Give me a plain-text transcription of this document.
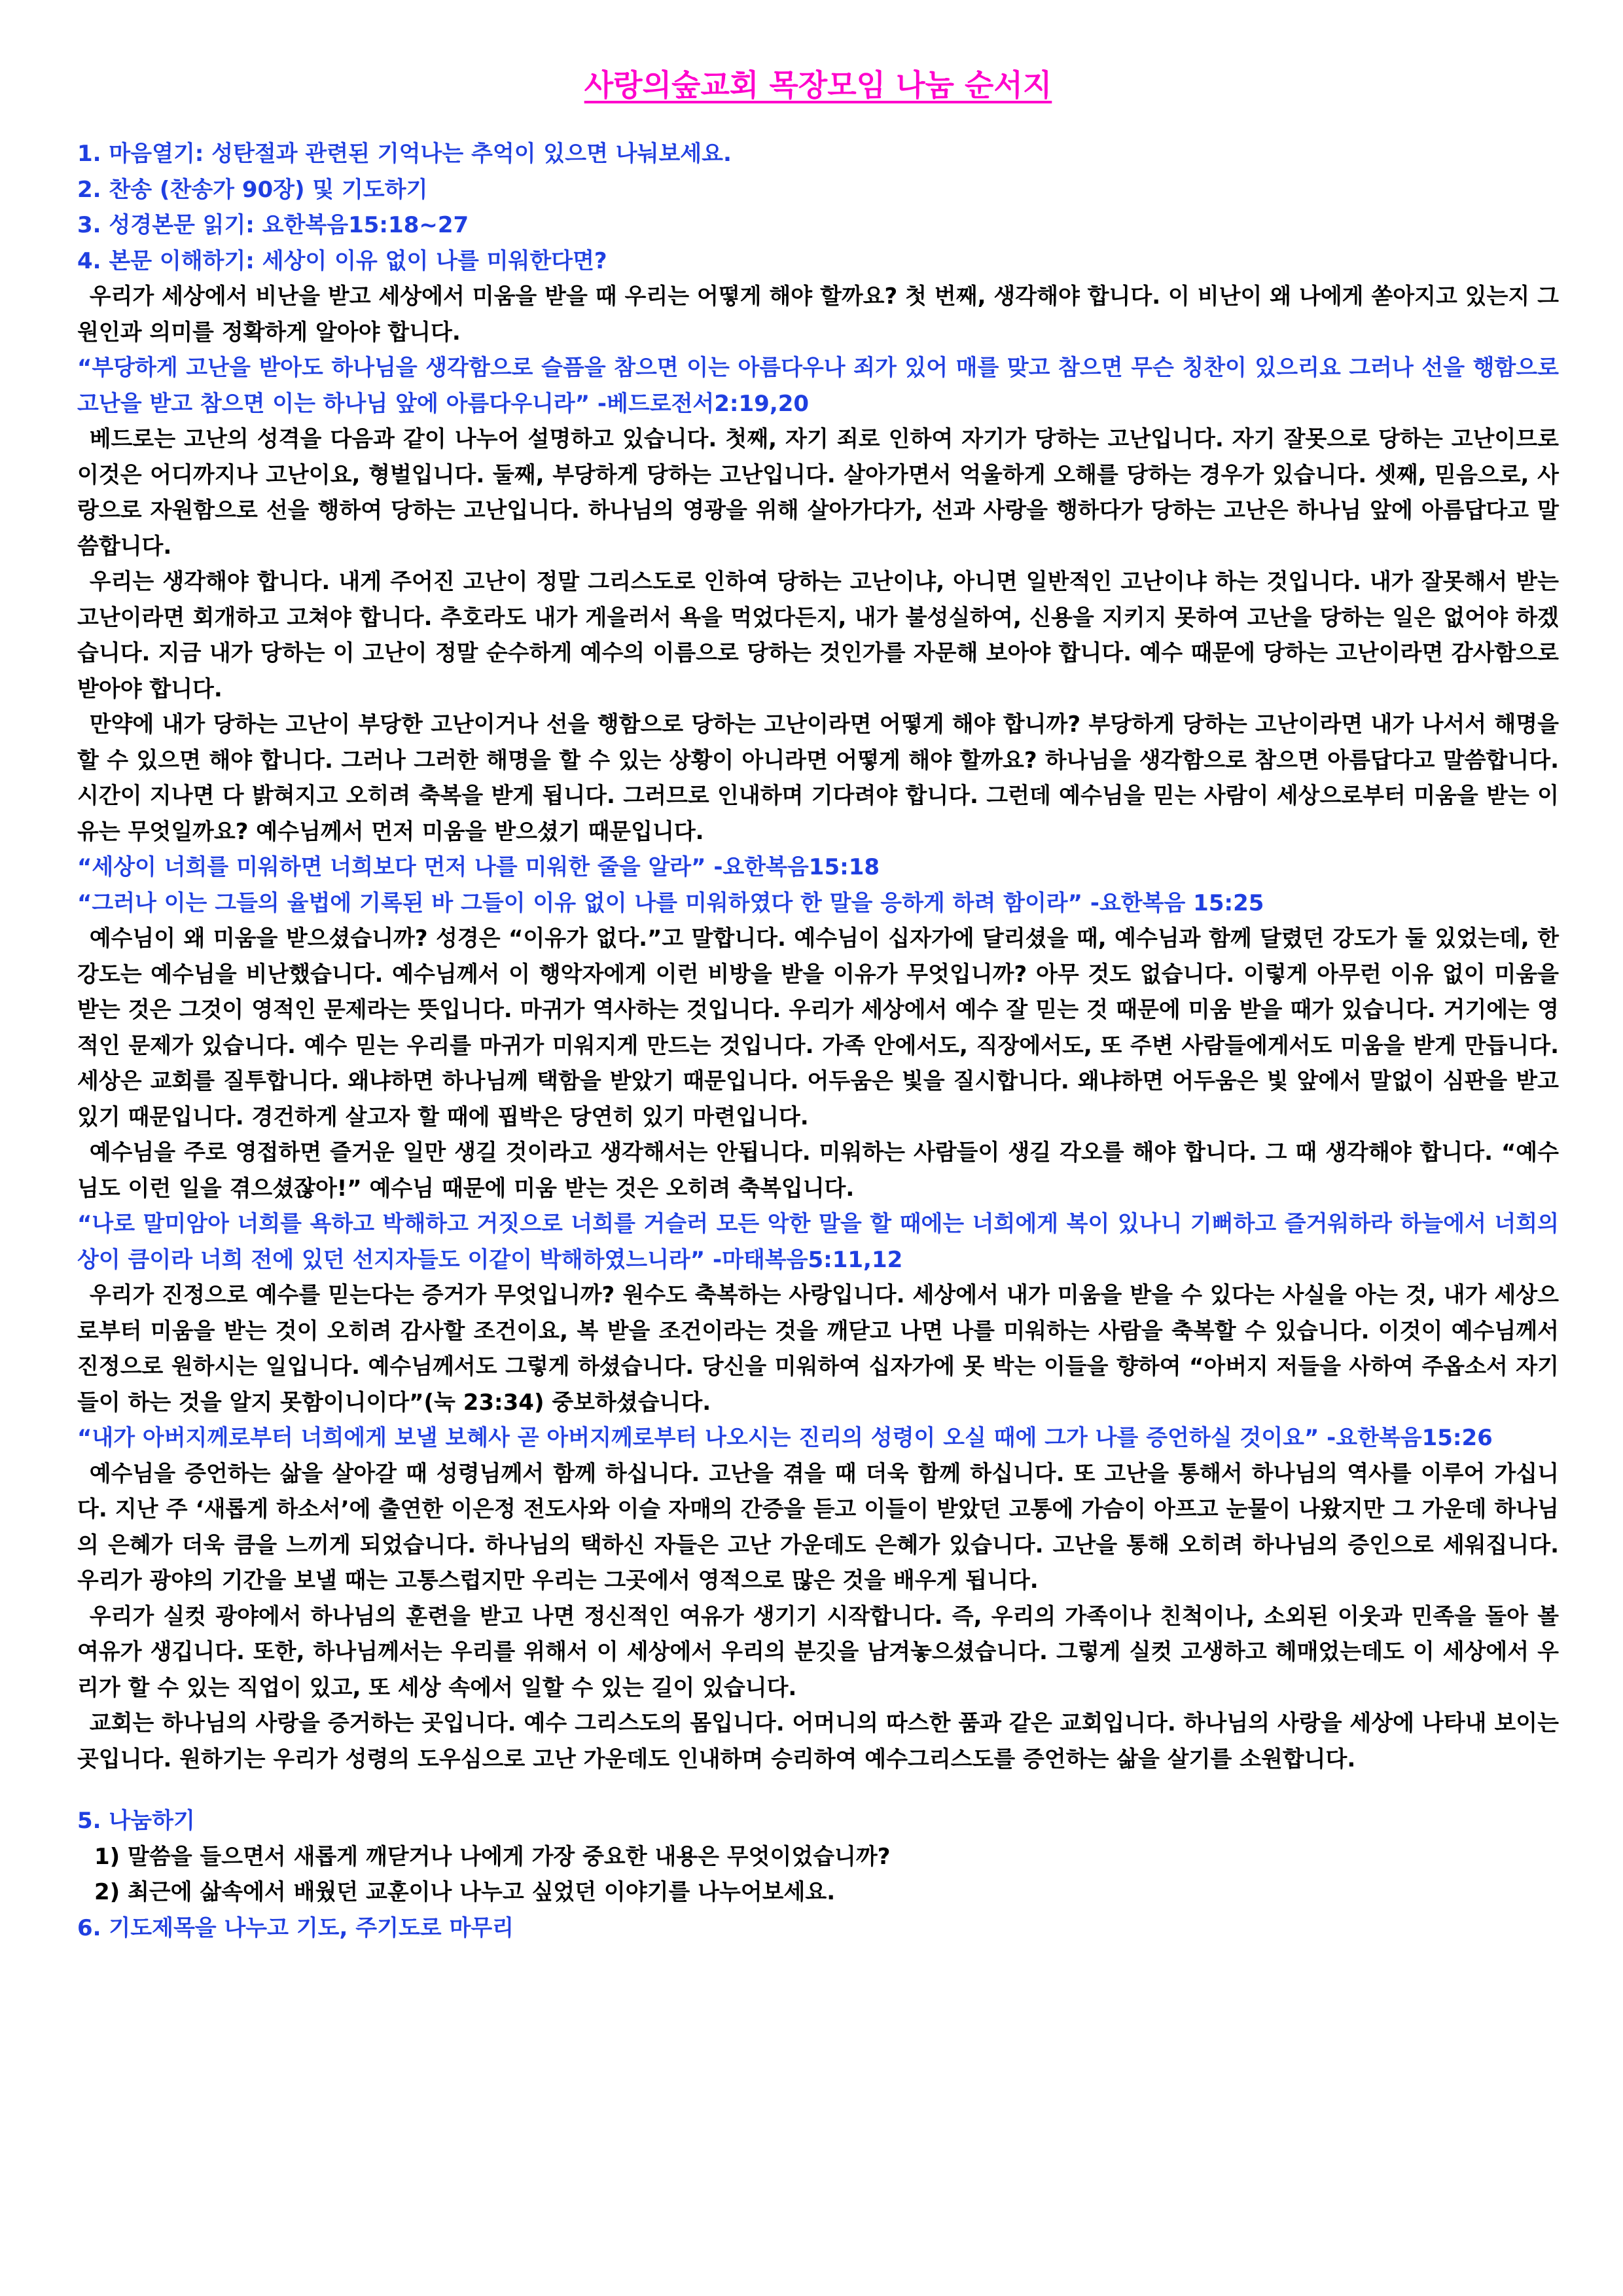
사랑의숲교회 목장모임 나눔 순서지
1. 마음열기: 성탄절과 관련된 기억나는 추억이 있으면 나눠보세요.
2. 찬송 (찬송가 90장) 및 기도하기
3. 성경본문 읽기: 요한복음15:18~27
4. 본문 이해하기: 세상이 이유 없이 나를 미워한다면?
우리가 세상에서 비난을 받고 세상에서 미움을 받을 때 우리는 어떻게 해야 할까요? 첫 번째, 생각해야 합니다. 이 비난이 왜 나에게 쏟아지고 있는지 그 원인과 의미를 정확하게 알아야 합니다.
“부당하게 고난을 받아도 하나님을 생각함으로 슬픔을 참으면 이는 아름다우나 죄가 있어 매를 맞고 참으면 무슨 칭찬이 있으리요 그러나 선을 행함으로 고난을 받고 참으면 이는 하나님 앞에 아름다우니라” -베드로전서2:19,20
베드로는 고난의 성격을 다음과 같이 나누어 설명하고 있습니다. 첫째, 자기 죄로 인하여 자기가 당하는 고난입니다. 자기 잘못으로 당하는 고난이므로 이것은 어디까지나 고난이요, 형벌입니다. 둘째, 부당하게 당하는 고난입니다. 살아가면서 억울하게 오해를 당하는 경우가 있습니다. 셋째, 믿음으로, 사랑으로 자원함으로 선을 행하여 당하는 고난입니다. 하나님의 영광을 위해 살아가다가, 선과 사랑을 행하다가 당하는 고난은 하나님 앞에 아름답다고 말씀합니다.
우리는 생각해야 합니다. 내게 주어진 고난이 정말 그리스도로 인하여 당하는 고난이냐, 아니면 일반적인 고난이냐 하는 것입니다. 내가 잘못해서 받는 고난이라면 회개하고 고쳐야 합니다. 추호라도 내가 게을러서 욕을 먹었다든지, 내가 불성실하여, 신용을 지키지 못하여 고난을 당하는 일은 없어야 하겠습니다. 지금 내가 당하는 이 고난이 정말 순수하게 예수의 이름으로 당하는 것인가를 자문해 보아야 합니다. 예수 때문에 당하는 고난이라면 감사함으로 받아야 합니다.
만약에 내가 당하는 고난이 부당한 고난이거나 선을 행함으로 당하는 고난이라면 어떻게 해야 합니까? 부당하게 당하는 고난이라면 내가 나서서 해명을 할 수 있으면 해야 합니다. 그러나 그러한 해명을 할 수 있는 상황이 아니라면 어떻게 해야 할까요? 하나님을 생각함으로 참으면 아름답다고 말씀합니다. 시간이 지나면 다 밝혀지고 오히려 축복을 받게 됩니다. 그러므로 인내하며 기다려야 합니다. 그런데 예수님을 믿는 사람이 세상으로부터 미움을 받는 이유는 무엇일까요? 예수님께서 먼저 미움을 받으셨기 때문입니다.
“세상이 너희를 미워하면 너희보다 먼저 나를 미워한 줄을 알라” -요한복음15:18
“그러나 이는 그들의 율법에 기록된 바 그들이 이유 없이 나를 미워하였다 한 말을 응하게 하려 함이라” -요한복음 15:25
예수님이 왜 미움을 받으셨습니까? 성경은 “이유가 없다.”고 말합니다. 예수님이 십자가에 달리셨을 때, 예수님과 함께 달렸던 강도가 둘 있었는데, 한 강도는 예수님을 비난했습니다. 예수님께서 이 행악자에게 이런 비방을 받을 이유가 무엇입니까? 아무 것도 없습니다. 이렇게 아무런 이유 없이 미움을 받는 것은 그것이 영적인 문제라는 뜻입니다. 마귀가 역사하는 것입니다. 우리가 세상에서 예수 잘 믿는 것 때문에 미움 받을 때가 있습니다. 거기에는 영적인 문제가 있습니다. 예수 믿는 우리를 마귀가 미워지게 만드는 것입니다. 가족 안에서도, 직장에서도, 또 주변 사람들에게서도 미움을 받게 만듭니다. 세상은 교회를 질투합니다. 왜냐하면 하나님께 택함을 받았기 때문입니다. 어두움은 빛을 질시합니다. 왜냐하면 어두움은 빛 앞에서 말없이 심판을 받고 있기 때문입니다. 경건하게 살고자 할 때에 핍박은 당연히 있기 마련입니다.
예수님을 주로 영접하면 즐거운 일만 생길 것이라고 생각해서는 안됩니다. 미워하는 사람들이 생길 각오를 해야 합니다. 그 때 생각해야 합니다. “예수님도 이런 일을 겪으셨잖아!” 예수님 때문에 미움 받는 것은 오히려 축복입니다.
“나로 말미암아 너희를 욕하고 박해하고 거짓으로 너희를 거슬러 모든 악한 말을 할 때에는 너희에게 복이 있나니 기뻐하고 즐거워하라 하늘에서 너희의 상이 큼이라 너희 전에 있던 선지자들도 이같이 박해하였느니라” -마태복음5:11,12
우리가 진정으로 예수를 믿는다는 증거가 무엇입니까? 원수도 축복하는 사랑입니다. 세상에서 내가 미움을 받을 수 있다는 사실을 아는 것, 내가 세상으로부터 미움을 받는 것이 오히려 감사할 조건이요, 복 받을 조건이라는 것을 깨닫고 나면 나를 미워하는 사람을 축복할 수 있습니다. 이것이 예수님께서 진정으로 원하시는 일입니다. 예수님께서도 그렇게 하셨습니다. 당신을 미워하여 십자가에 못 박는 이들을 향하여 “아버지 저들을 사하여 주옵소서 자기들이 하는 것을 알지 못함이니이다”(눅 23:34) 중보하셨습니다.
“내가 아버지께로부터 너희에게 보낼 보혜사 곧 아버지께로부터 나오시는 진리의 성령이 오실 때에 그가 나를 증언하실 것이요” -요한복음15:26
예수님을 증언하는 삶을 살아갈 때 성령님께서 함께 하십니다. 고난을 겪을 때 더욱 함께 하십니다. 또 고난을 통해서 하나님의 역사를 이루어 가십니다. 지난 주 ‘새롭게 하소서’에 출연한 이은정 전도사와 이슬 자매의 간증을 듣고 이들이 받았던 고통에 가슴이 아프고 눈물이 나왔지만 그 가운데 하나님의 은혜가 더욱 큼을 느끼게 되었습니다. 하나님의 택하신 자들은 고난 가운데도 은혜가 있습니다. 고난을 통해 오히려 하나님의 증인으로 세워집니다. 우리가 광야의 기간을 보낼 때는 고통스럽지만 우리는 그곳에서 영적으로 많은 것을 배우게 됩니다.
우리가 실컷 광야에서 하나님의 훈련을 받고 나면 정신적인 여유가 생기기 시작합니다. 즉, 우리의 가족이나 친척이나, 소외된 이웃과 민족을 돌아 볼 여유가 생깁니다. 또한, 하나님께서는 우리를 위해서 이 세상에서 우리의 분깃을 남겨놓으셨습니다. 그렇게 실컷 고생하고 헤매었는데도 이 세상에서 우리가 할 수 있는 직업이 있고, 또 세상 속에서 일할 수 있는 길이 있습니다.
교회는 하나님의 사랑을 증거하는 곳입니다. 예수 그리스도의 몸입니다. 어머니의 따스한 품과 같은 교회입니다. 하나님의 사랑을 세상에 나타내 보이는 곳입니다. 원하기는 우리가 성령의 도우심으로 고난 가운데도 인내하며 승리하여 예수그리스도를 증언하는 삶을 살기를 소원합니다.
5. 나눔하기
1) 말씀을 들으면서 새롭게 깨닫거나 나에게 가장 중요한 내용은 무엇이었습니까?
2) 최근에 삶속에서 배웠던 교훈이나 나누고 싶었던 이야기를 나누어보세요.
6. 기도제목을 나누고 기도, 주기도로 마무리
